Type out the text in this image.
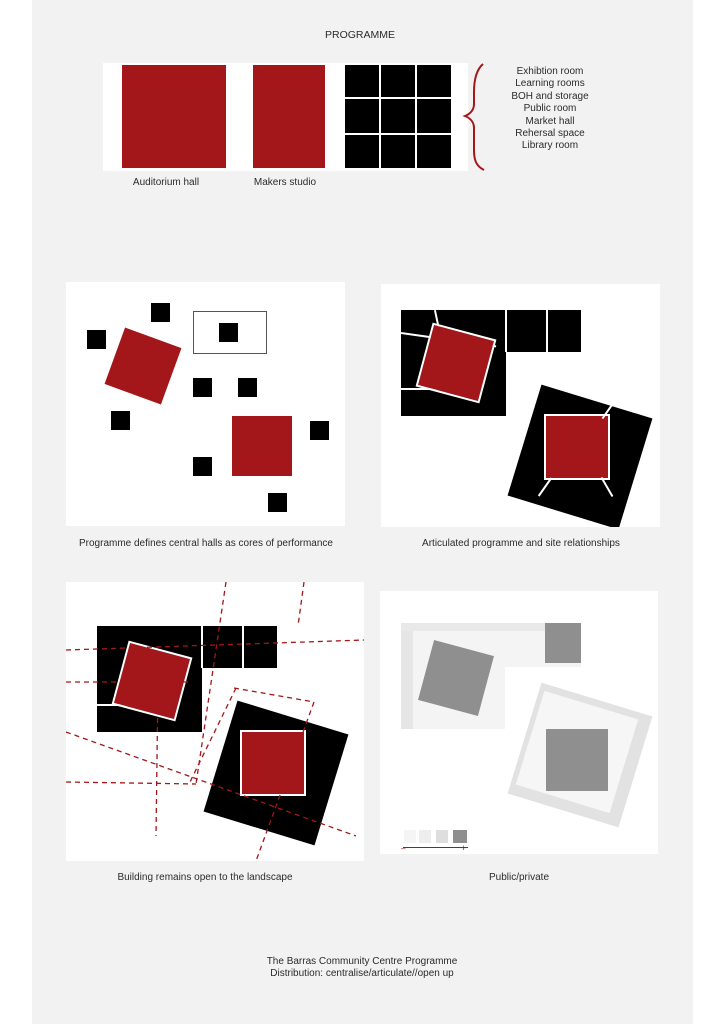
PROGRAMME
Exhibtion room
Learning rooms
BOH and storage
Public room
Market hall
Rehersal space
Library room
Auditorium hall	Makers studio
Programme defines central halls as cores of performance	Articulated programme and site relationships
Building remains open to the landscape
–	+
Public/private
The Barras Community Centre Programme
Distribution: centralise/articulate//open up
